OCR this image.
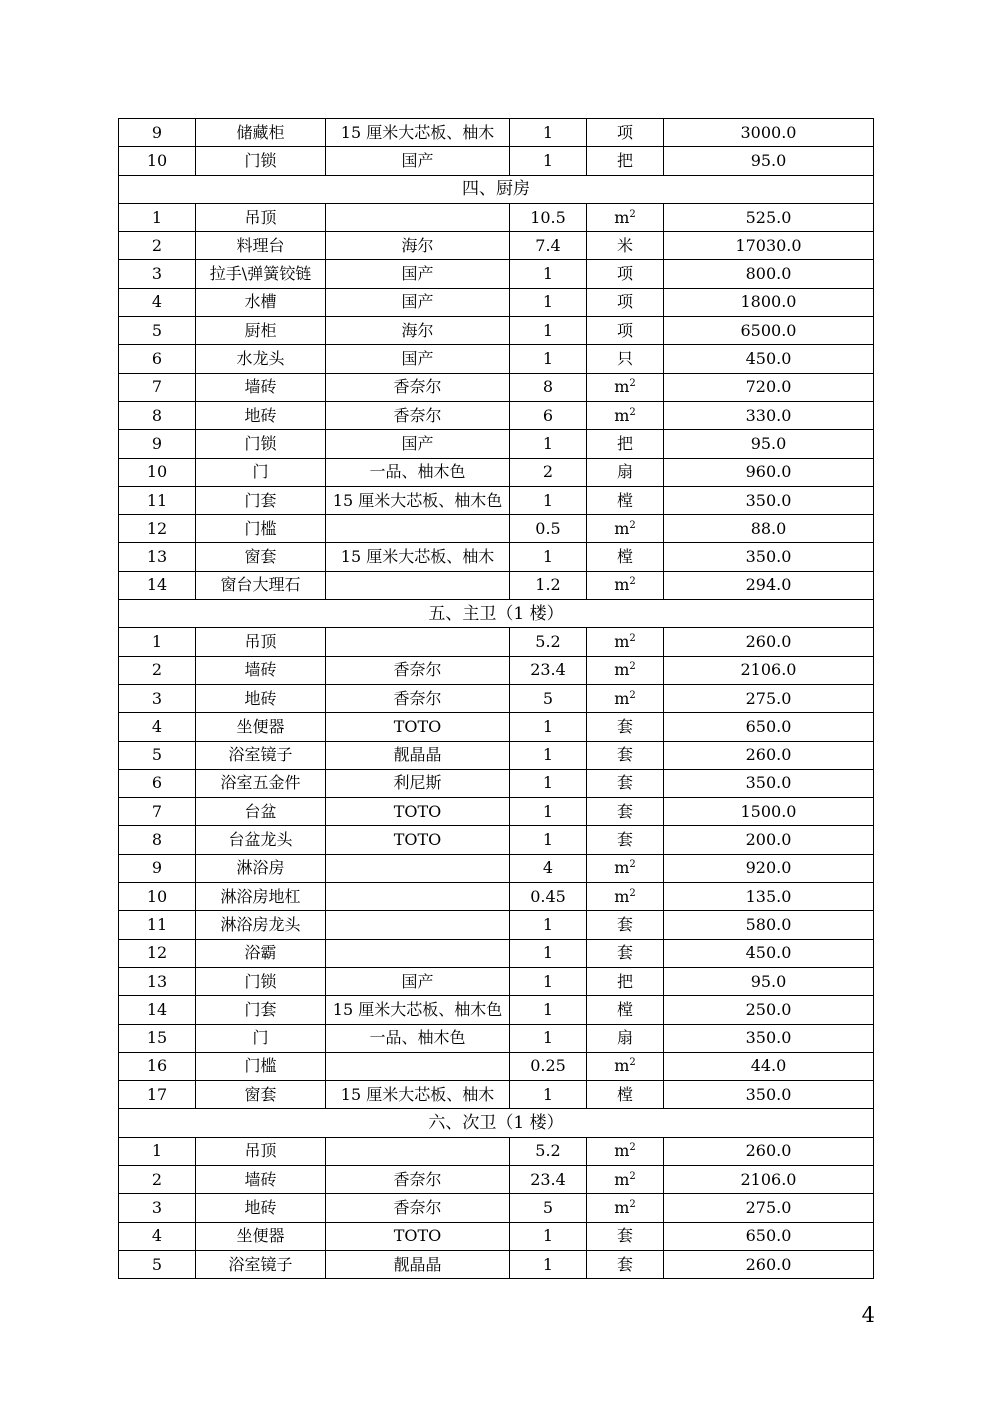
9	储藏柜	15 厘米大芯板、柚木	1	项	3000.0
10	门锁	国产	1	把	95.0
四、厨房					
1	吊顶		10.5	$m^2$	525.0
2	料理台	海尔	7.4	米	17030.0
3	拉手\弹簧铰链	国产	1	项	800.0
4	水槽	国产	1	项	1800.0
5	厨柜	海尔	1	项	6500.0
6	水龙头	国产	1	只	450.0
7	墙砖	香奈尔	8	$m^2$	720.0
8	地砖	香奈尔	6	$m^2$	330.0
9	门锁	国产	1	把	95.0
10	门	一品、柚木色	2	扇	960.0
11	门套	15 厘米大芯板、柚木色	1	樘	350.0
12	门槛		0.5	$m^2$	88.0
13	窗套	15 厘米大芯板、柚木	1	樘	350.0
14	窗台大理石		1.2	$m^2$	294.0
五、主卫（1 楼）					
1	吊顶		5.2	$m^2$	260.0
2	墙砖	香奈尔	23.4	$m^2$	2106.0
3	地砖	香奈尔	5	$m^2$	275.0
4	坐便器	TOTO	1	套	650.0
5	浴室镜子	靓晶晶	1	套	260.0
6	浴室五金件	利尼斯	1	套	350.0
7	台盆	TOTO	1	套	1500.0
8	台盆龙头	TOTO	1	套	200.0
9	淋浴房		4	$m^2$	920.0
10	淋浴房地杠		0.45	$m^2$	135.0
11	淋浴房龙头		1	套	580.0
12	浴霸		1	套	450.0
13	门锁	国产	1	把	95.0
14	门套	15 厘米大芯板、柚木色	1	樘	250.0
15	门	一品、柚木色	1	扇	350.0
16	门槛		0.25	$m^2$	44.0
17	窗套	15 厘米大芯板、柚木	1	樘	350.0
六、次卫（1 楼）					
1	吊顶		5.2	$m^2$	260.0
2	墙砖	香奈尔	23.4	$m^2$	2106.0
3	地砖	香奈尔	5	$m^2$	275.0
4	坐便器	TOTO	1	套	650.0
5	浴室镜子	靓晶晶	1	套	260.0
4
